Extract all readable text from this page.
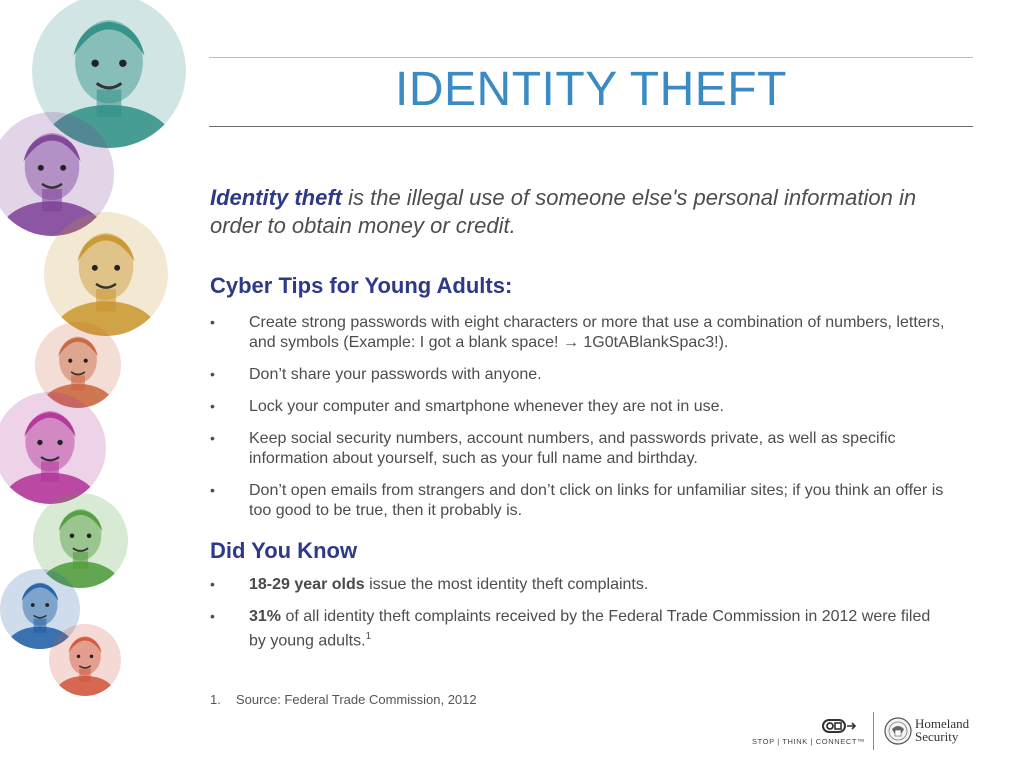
IDENTITY THEFT
Identity theft is the illegal use of someone else's personal information in order to obtain money or credit.
Cyber Tips for Young Adults:
• Create strong passwords with eight characters or more that use a combination of numbers, letters, and symbols (Example: I got a blank space! → 1G0tABlankSpac3!).
• Don’t share your passwords with anyone.
• Lock your computer and smartphone whenever they are not in use.
• Keep social security numbers, account numbers, and passwords private, as well as specific information about yourself, such as your full name and birthday.
• Don’t open emails from strangers and don’t click on links for unfamiliar sites; if you think an offer is too good to be true, then it probably is.
Did You Know
• 18-29 year olds issue the most identity theft complaints.
• 31% of all identity theft complaints received by the Federal Trade Commission in 2012 were filed by young adults.$^1$
1. Source: Federal Trade Commission, 2012
STOP | THINK | CONNECT™
Homeland
Security
